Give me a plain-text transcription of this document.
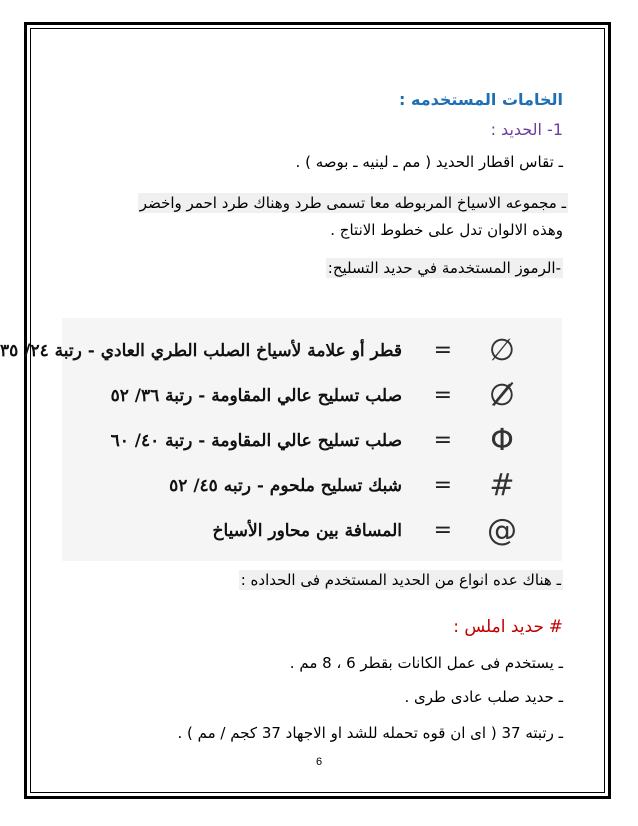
الخامات المستخدمه :
1- الحديد :
ـ تقاس اقطار الحديد ( مم ـ لينيه ـ بوصه ) .
ـ مجموعه الاسياخ المربوطه معا تسمى طرد وهناك طرد احمر واخضر
وهذه الالوان تدل على خطوط الانتاج .
-الرموز المستخدمة في حديد التسليح:
∅
=
قطر أو علامة لأسياخ الصلب الطري العادي - رتبة ٢٤/ ٣٥
∅̸
=
صلب تسليح عالي المقاومة - رتبة ٣٦/ ٥٢
Φ
=
صلب تسليح عالي المقاومة - رتبة ٤٠/ ٦٠
#
=
شبك تسليح ملحوم - رتبه ٤٥/ ٥٢
@
=
المسافة بين محاور الأسياخ
ـ هناك عده انواع من الحديد المستخدم فى الحداده :
# حديد املس :
ـ يستخدم فى عمل الكانات بقطر 6 ، 8 مم .
ـ حديد صلب عادى طرى .
ـ رتبته 37 ( اى ان قوه تحمله للشد او الاجهاد 37 كجم / مم ) .
6
